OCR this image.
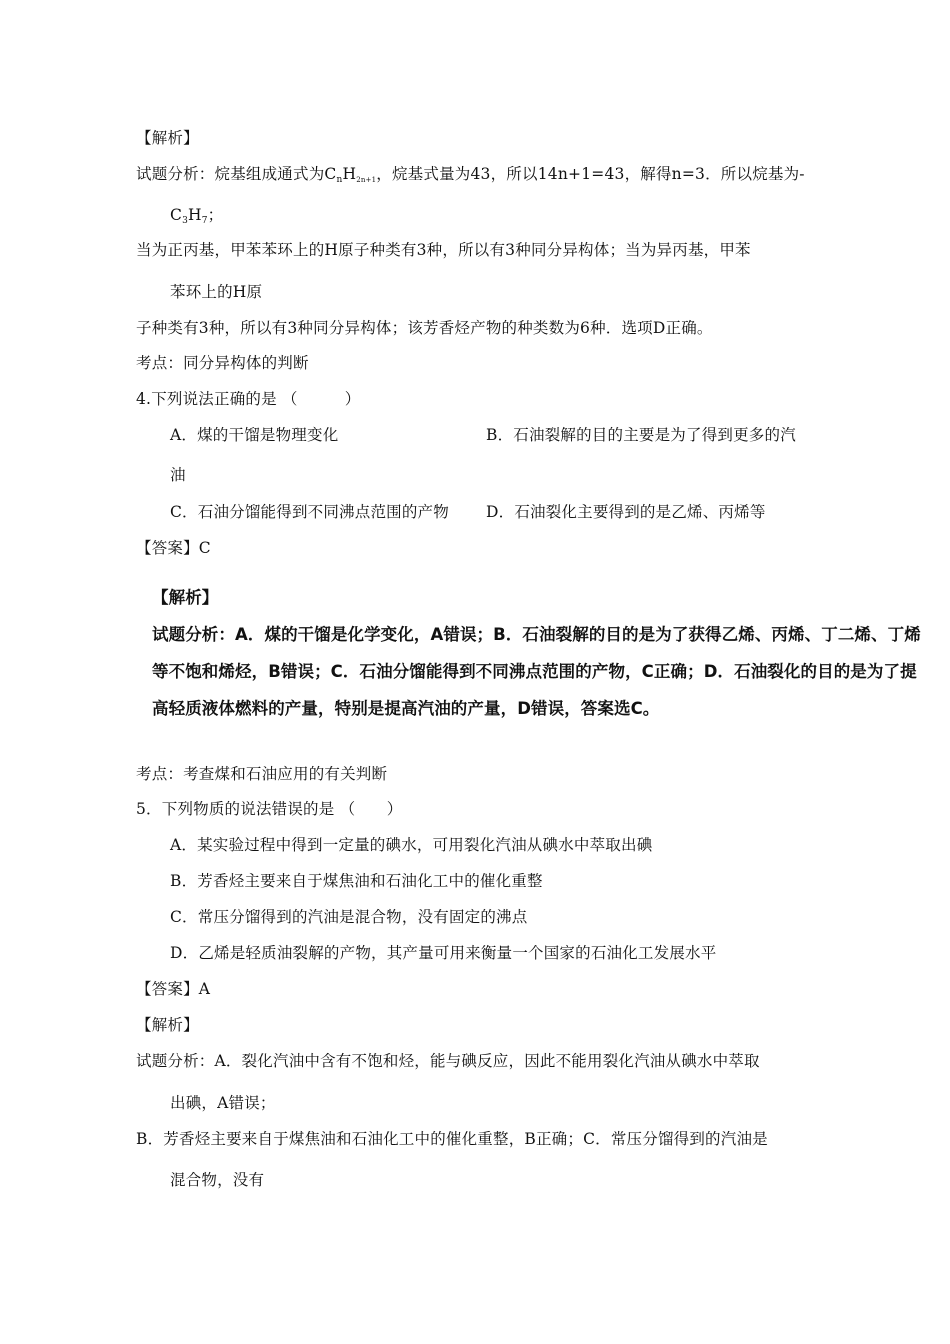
【解析】
试题分析：烷基组成通式为$C_nH2n+1$，烷基式量为43，所以14n+1=43，解得n=3．所以烷基为-
$C_3H_7$；
当为正丙基，甲苯苯环上的H原子种类有3种，所以有3种同分异构体；当为异丙基，甲苯
苯环上的H原
子种类有3种，所以有3种同分异构体；该芳香烃产物的种类数为6种．选项D正确。
考点：同分异构体的判断
4.下列说法正确的是 （　　　）
A．煤的干馏是物理变化	B．石油裂解的目的主要是为了得到更多的汽
油
C．石油分馏能得到不同沸点范围的产物 D．石油裂化主要得到的是乙烯、丙烯等
【答案】C
【解析】
试题分析：A．煤的干馏是化学变化，A错误；B．石油裂解的目的是为了获得乙烯、丙烯、丁二烯、丁烯
等不饱和烯烃，B错误；C．石油分馏能得到不同沸点范围的产物，C正确；D．石油裂化的目的是为了提
高轻质液体燃料的产量，特别是提高汽油的产量，D错误，答案选C。
考点：考查煤和石油应用的有关判断
5．下列物质的说法错误的是 （　　）
A．某实验过程中得到一定量的碘水，可用裂化汽油从碘水中萃取出碘
B．芳香烃主要来自于煤焦油和石油化工中的催化重整
C．常压分馏得到的汽油是混合物，没有固定的沸点
D．乙烯是轻质油裂解的产物，其产量可用来衡量一个国家的石油化工发展水平
【答案】A
【解析】
试题分析：A．裂化汽油中含有不饱和烃，能与碘反应，因此不能用裂化汽油从碘水中萃取
出碘，A错误；
B．芳香烃主要来自于煤焦油和石油化工中的催化重整，B正确；C．常压分馏得到的汽油是
混合物，没有
